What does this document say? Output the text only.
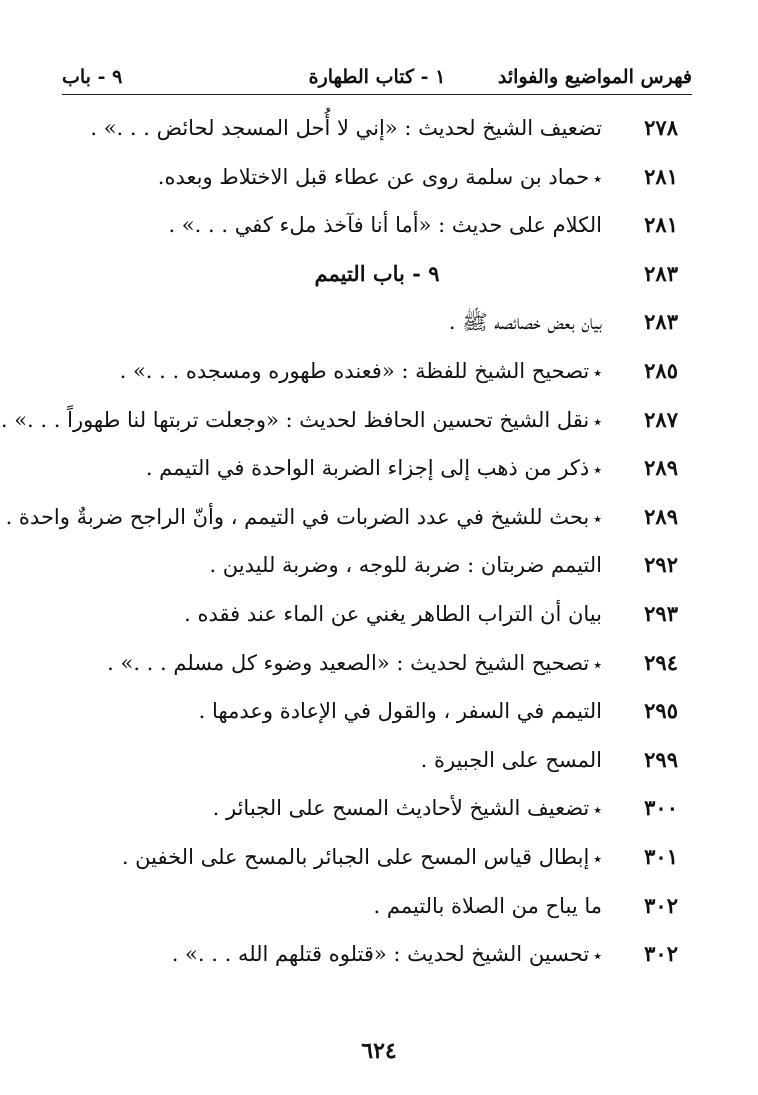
فهرس المواضيع والفوائد
١ - كتاب الطهارة
٩ - باب
٢٧٨
تضعيف الشيخ لحديث : «إني لا أُحل المسجد لحائض . . .» .
٢٨١
٭حماد بن سلمة روى عن عطاء قبل الاختلاط وبعده.
٢٨١
الكلام على حديث : «أما أنا فآخذ ملء كفي . . .» .
٢٨٣
٩ - باب التيمم
٢٨٣
بيان بعض خصائصه ﷺ .
٢٨٥
٭تصحيح الشيخ للفظة : «فعنده طهوره ومسجده . . .» .
٢٨٧
٭نقل الشيخ تحسين الحافظ لحديث : «وجعلت تربتها لنا طهوراً . . .» .
٢٨٩
٭ذكر من ذهب إلى إجزاء الضربة الواحدة في التيمم .
٢٨٩
٭بحث للشيخ في عدد الضربات في التيمم ، وأنّ الراجح ضربةٌ واحدة .
٢٩٢
التيمم ضربتان : ضربة للوجه ، وضربة لليدين .
٢٩٣
بيان أن التراب الطاهر يغني عن الماء عند فقده .
٢٩٤
٭تصحيح الشيخ لحديث : «الصعيد وضوء كل مسلم . . .» .
٢٩٥
التيمم في السفر ، والقول في الإعادة وعدمها .
٢٩٩
المسح على الجبيرة .
٣٠٠
٭تضعيف الشيخ لأحاديث المسح على الجبائر .
٣٠١
٭إبطال قياس المسح على الجبائر بالمسح على الخفين .
٣٠٢
ما يباح من الصلاة بالتيمم .
٣٠٢
٭تحسين الشيخ لحديث : «قتلوه قتلهم الله . . .» .
٦٢٤
